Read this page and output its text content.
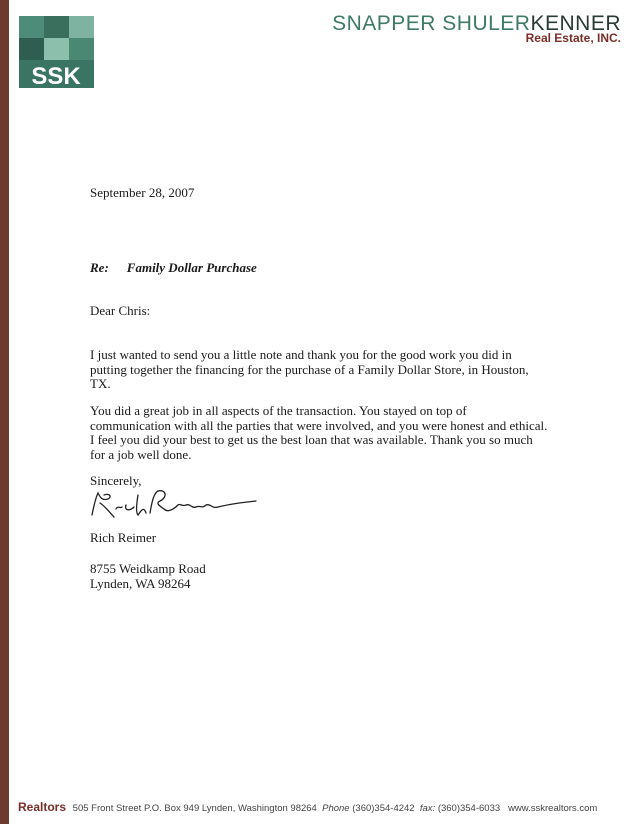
SSK
SNAPPER SHULERKENNER
Real Estate, INC.
September 28, 2007
Re: Family Dollar Purchase
Dear Chris:
I just wanted to send you a little note and thank you for the good work you did in putting together the financing for the purchase of a Family Dollar Store, in Houston, TX.
You did a great job in all aspects of the transaction. You stayed on top of communication with all the parties that were involved, and you were honest and ethical. I feel you did your best to get us the best loan that was available. Thank you so much for a job well done.
Sincerely,
Rich Reimer
8755 Weidkamp Road
Lynden, WA 98264
Realtors 505 Front Street P.O. Box 949 Lynden, Washington 98264 Phone (360)354-4242 fax: (360)354-6033 www.sskrealtors.com
